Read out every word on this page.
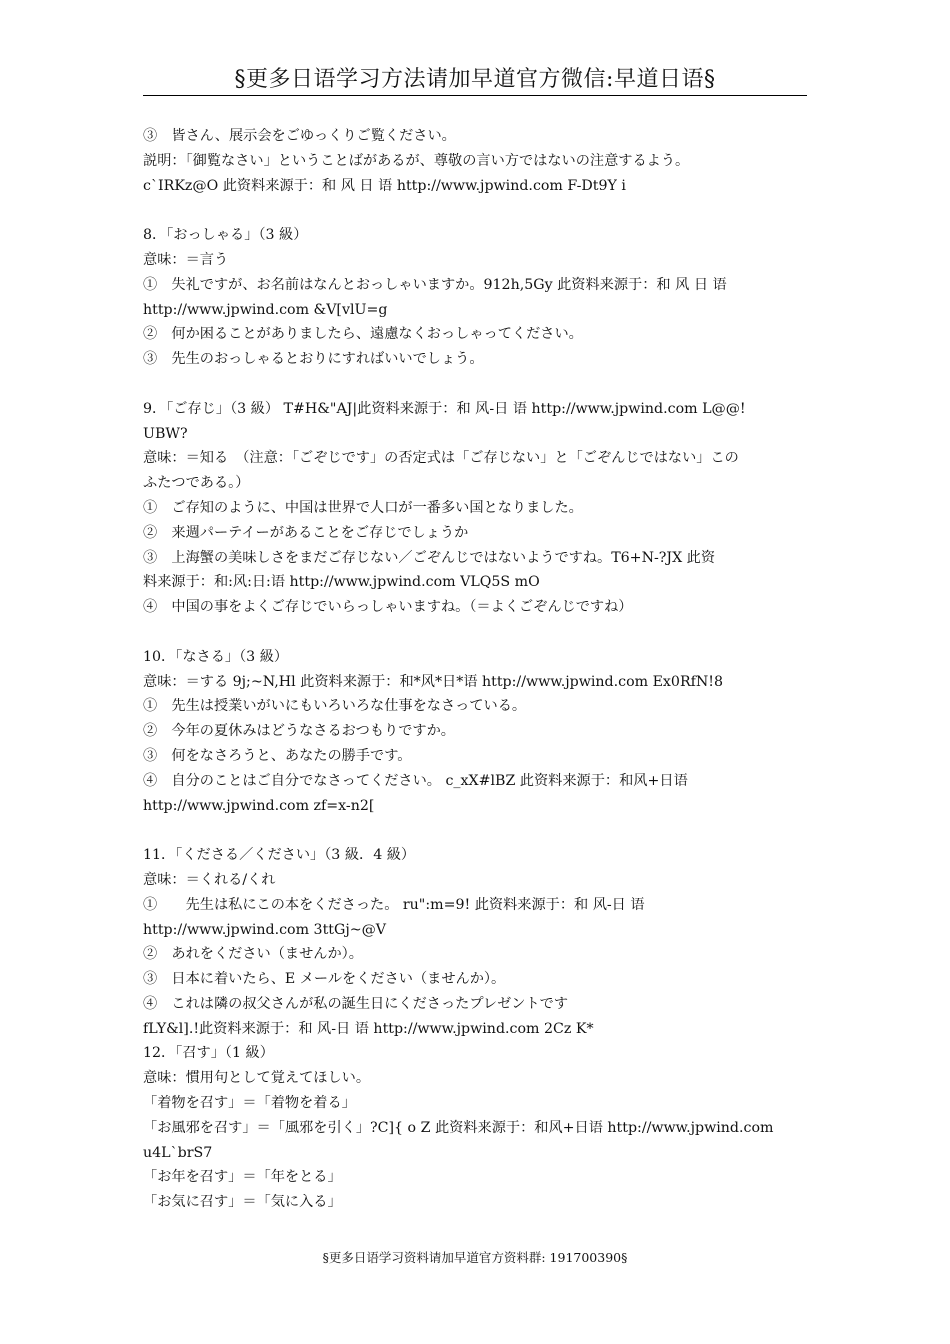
§更多日语学习方法请加早道官方微信:早道日语§
③　皆さん、展示会をごゆっくりご覧ください。
説明：「御覧なさい」ということばがあるが、尊敬の言い方ではないの注意するよう。
c`IRKz@O 此资料来源于：和 风 日 语 http://www.jpwind.com F-Dt9Y i
8．「おっしゃる」（3 級）
意味：＝言う
①　失礼ですが、お名前はなんとおっしゃいますか。912h,5Gy 此资料来源于：和 风 日 语
http://www.jpwind.com &V[vlU=g
②　何か困ることがありましたら、遠慮なくおっしゃってください。
③　先生のおっしゃるとおりにすればいいでしょう。
9．「ご存じ」（3 級） T#H&"AJ|此资料来源于：和 风-日 语 http://www.jpwind.com L@@!
UBW?
意味：＝知る　（注意：「ごぞじです」の否定式は「ご存じない」と「ごぞんじではない」この
ふたつである。）
①　ご存知のように、中国は世界で人口が一番多い国となりました。
②　来週パーテイーがあることをご存じでしょうか
③　上海蟹の美味しさをまだご存じない／ごぞんじではないようですね。T6+N-?JX 此资
料来源于：和:风:日:语 http://www.jpwind.com VLQ5S mO
④　中国の事をよくご存じでいらっしゃいますね。（＝よくごぞんじですね）
10．「なさる」（3 級）
意味：＝する 9j;~N,Hl 此资料来源于：和*风*日*语 http://www.jpwind.com Ex0RfN!8
①　先生は授業いがいにもいろいろな仕事をなさっている。
②　今年の夏休みはどうなさるおつもりですか。
③　何をなさろうと、あなたの勝手です。
④　自分のことはご自分でなさってください。 c_xX#lBZ 此资料来源于：和风+日语
http://www.jpwind.com zf=x-n2[
11．「くださる／ください」（3 級．4 級）
意味：＝くれる/くれ
①　　先生は私にこの本をくださった。 ru":m=9! 此资料来源于：和 风-日 语
http://www.jpwind.com 3ttGj~@V
②　あれをください（ませんか）。
③　日本に着いたら、E メールをください（ませんか）。
④　これは隣の叔父さんが私の誕生日にくださったプレゼントです
fLY&l].!此资料来源于：和 风-日 语 http://www.jpwind.com 2Cz K*
12．「召す」（1 級）
意味：慣用句として覚えてほしい。
「着物を召す」＝「着物を着る」
「お風邪を召す」＝「風邪を引く」?C]{ o Z 此资料来源于：和风+日语 http://www.jpwind.com
u4L`brS7
「お年を召す」＝「年をとる」
「お気に召す」＝「気に入る」
§更多日语学习资料请加早道官方资料群: 191700390§
